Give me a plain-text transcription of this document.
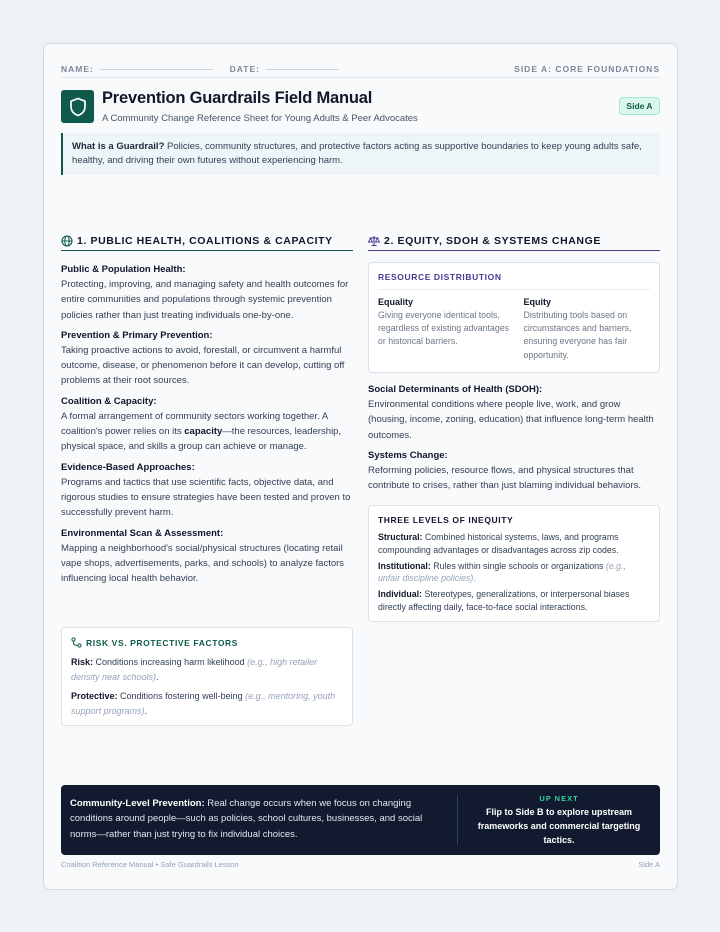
NAME:	DATE:	SIDE A: CORE FOUNDATIONS
Prevention Guardrails Field Manual
A Community Change Reference Sheet for Young Adults & Peer Advocates
Side A
What is a Guardrail? Policies, community structures, and protective factors acting as supportive boundaries to keep young adults safe, healthy, and driving their own futures without experiencing harm.
1. PUBLIC HEALTH, COALITIONS & CAPACITY
Public & Population Health:
Protecting, improving, and managing safety and health outcomes for entire communities and populations through systemic prevention policies rather than just treating individuals one-by-one.
Prevention & Primary Prevention:
Taking proactive actions to avoid, forestall, or circumvent a harmful outcome, disease, or phenomenon before it can develop, cutting off problems at their root sources.
Coalition & Capacity:
A formal arrangement of community sectors working together. A coalition's power relies on its capacity—the resources, leadership, physical space, and skills a group can achieve or manage.
Evidence-Based Approaches:
Programs and tactics that use scientific facts, objective data, and rigorous studies to ensure strategies have been tested and proven to successfully prevent harm.
Environmental Scan & Assessment:
Mapping a neighborhood's social/physical structures (locating retail vape shops, advertisements, parks, and schools) to analyze factors influencing local health behavior.
RISK VS. PROTECTIVE FACTORS
Risk: Conditions increasing harm likelihood (e.g., high retailer density near schools).
Protective: Conditions fostering well-being (e.g., mentoring, youth support programs).
2. EQUITY, SDOH & SYSTEMS CHANGE
RESOURCE DISTRIBUTION
Equality
Giving everyone identical tools, regardless of existing advantages or historical barriers.
Equity
Distributing tools based on circumstances and barriers, ensuring everyone has fair opportunity.
Social Determinants of Health (SDOH):
Environmental conditions where people live, work, and grow (housing, income, zoning, education) that influence long-term health outcomes.
Systems Change:
Reforming policies, resource flows, and physical structures that contribute to crises, rather than just blaming individual behaviors.
THREE LEVELS OF INEQUITY
Structural: Combined historical systems, laws, and programs compounding advantages or disadvantages across zip codes.
Institutional: Rules within single schools or organizations (e.g., unfair discipline policies).
Individual: Stereotypes, generalizations, or interpersonal biases directly affecting daily, face-to-face social interactions.
Community-Level Prevention: Real change occurs when we focus on changing conditions around people—such as policies, school cultures, businesses, and social norms—rather than just trying to fix individual choices.
UP NEXT
Flip to Side B to explore upstream frameworks and commercial targeting tactics.
Coalition Reference Manual • Safe Guardrails Lesson	Side A
